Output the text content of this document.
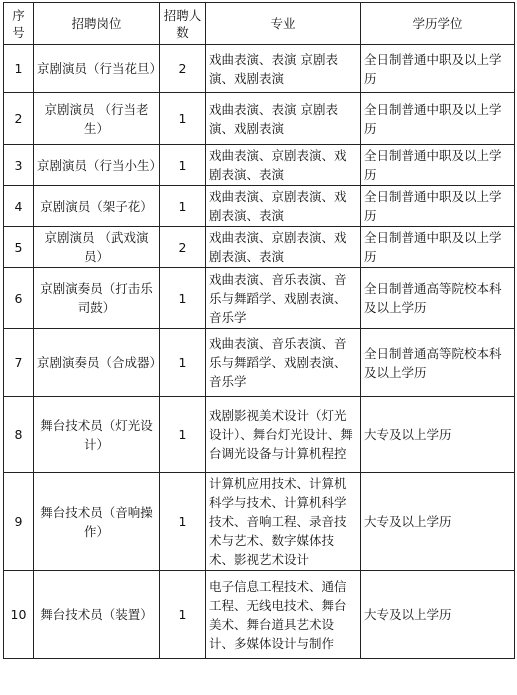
序号	招聘岗位	招聘人数	专业	学历学位
1	京剧演员（行当花旦）	2	戏曲表演、表演 京剧表演、戏剧表演	全日制普通中职及以上学历
2	京剧演员 （行当老生）	1	戏曲表演、表演 京剧表演、戏剧表演	全日制普通中职及以上学历
3	京剧演员（行当小生）	1	戏曲表演、京剧表演、戏剧表演、表演	全日制普通中职及以上学历
4	京剧演员（架子花）	1	戏曲表演、京剧表演、戏剧表演、表演	全日制普通中职及以上学历
5	京剧演员 （武戏演员）	2	戏曲表演、京剧表演、戏剧表演、表演	全日制普通中职及以上学历
6	京剧演奏员（打击乐司鼓）	1	戏曲表演、音乐表演、音乐与舞蹈学、戏剧表演、音乐学	全日制普通高等院校本科及以上学历
7	京剧演奏员（合成器）	1	戏曲表演、音乐表演、音乐与舞蹈学、戏剧表演、音乐学	全日制普通高等院校本科及以上学历
8	舞台技术员（灯光设计）	1	戏剧影视美术设计（灯光设计）、舞台灯光设计、舞台调光设备与计算机程控	大专及以上学历
9	舞台技术员（音响操作）	1	计算机应用技术、计算机科学与技术、计算机科学技术、音响工程、录音技术与艺术、数字媒体技术、影视艺术设计	大专及以上学历
10	舞台技术员（装置）	1	电子信息工程技术、通信工程、无线电技术、舞台美术、舞台道具艺术设计、多媒体设计与制作	大专及以上学历
